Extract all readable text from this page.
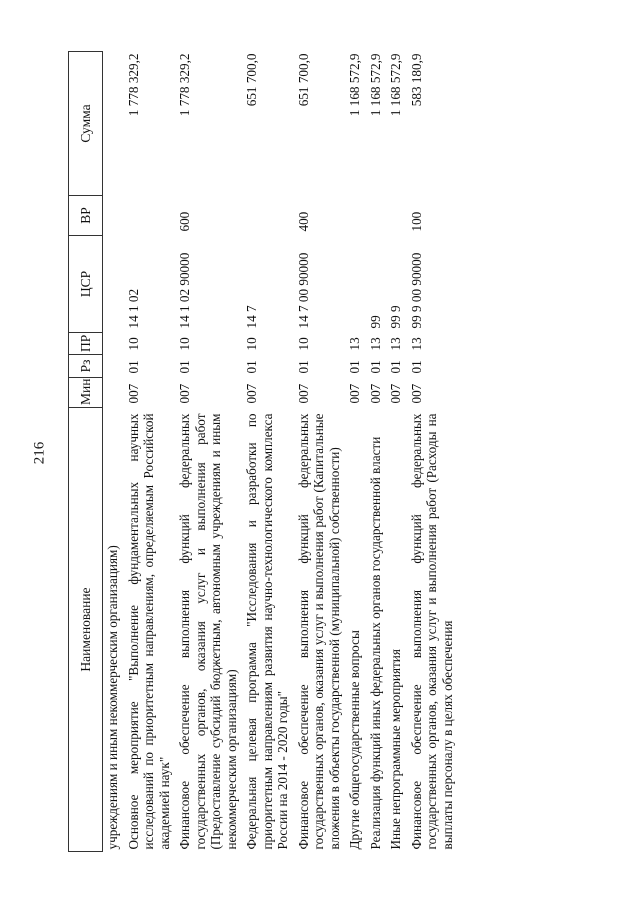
216
Наименование	Мин	Рз	ПР	ЦСР	ВР	Сумма
учреждениям и иным некоммерческим организациям)						
Основное мероприятие "Выполнение фундаментальных научных исследований по приоритетным направлениям, определяемым Российской академией наук"	007	01	10	14 1 02		1 778 329,2
Финансовое обеспечение выполнения функций федеральных государственных органов, оказания услуг и выполнения работ (Предоставление субсидий бюджетным, автономным учреждениям и иным некоммерческим организациям)	007	01	10	14 1 02 90000	600	1 778 329,2
Федеральная целевая программа "Исследования и разработки по приоритетным направлениям развития научно-технологического комплекса России на 2014 - 2020 годы"	007	01	10	14 7		651 700,0
Финансовое обеспечение выполнения функций федеральных государственных органов, оказания услуг и выполнения работ (Капитальные вложения в объекты государственной (муниципальной) собственности)	007	01	10	14 7 00 90000	400	651 700,0
Другие общегосударственные вопросы	007	01	13			1 168 572,9
Реализация функций иных федеральных органов государственной власти	007	01	13	99		1 168 572,9
Иные непрограммные мероприятия	007	01	13	99 9		1 168 572,9
Финансовое обеспечение выполнения функций федеральных государственных органов, оказания услуг и выполнения работ (Расходы на выплаты персоналу в целях обеспечения	007	01	13	99 9 00 90000	100	583 180,9
